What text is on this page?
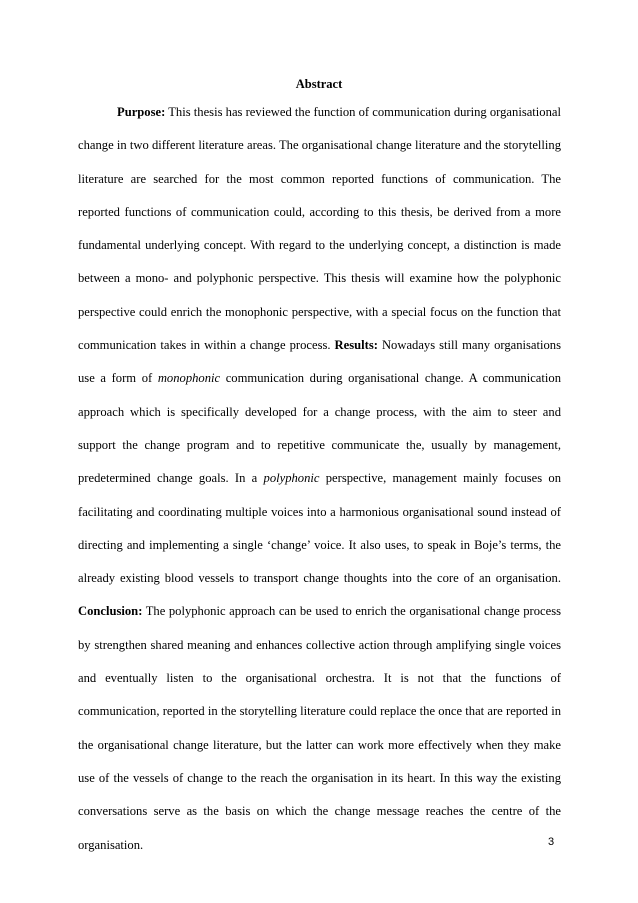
Abstract

Purpose: This thesis has reviewed the function of communication during organisational change in two different literature areas. The organisational change literature and the storytelling literature are searched for the most common reported functions of communication. The reported functions of communication could, according to this thesis, be derived from a more fundamental underlying concept. With regard to the underlying concept, a distinction is made between a mono- and polyphonic perspective. This thesis will examine how the polyphonic perspective could enrich the monophonic perspective, with a special focus on the function that communication takes in within a change process. Results: Nowadays still many organisations use a form of monophonic communication during organisational change. A communication approach which is specifically developed for a change process, with the aim to steer and support the change program and to repetitive communicate the, usually by management, predetermined change goals. In a polyphonic perspective, management mainly focuses on facilitating and coordinating multiple voices into a harmonious organisational sound instead of directing and implementing a single ‘change’ voice. It also uses, to speak in Boje’s terms, the already existing blood vessels to transport change thoughts into the core of an organisation. Conclusion: The polyphonic approach can be used to enrich the organisational change process by strengthen shared meaning and enhances collective action through amplifying single voices and eventually listen to the organisational orchestra. It is not that the functions of communication, reported in the storytelling literature could replace the once that are reported in the organisational change literature, but the latter can work more effectively when they make use of the vessels of change to the reach the organisation in its heart. In this way the existing conversations serve as the basis on which the change message reaches the centre of the organisation.	3
